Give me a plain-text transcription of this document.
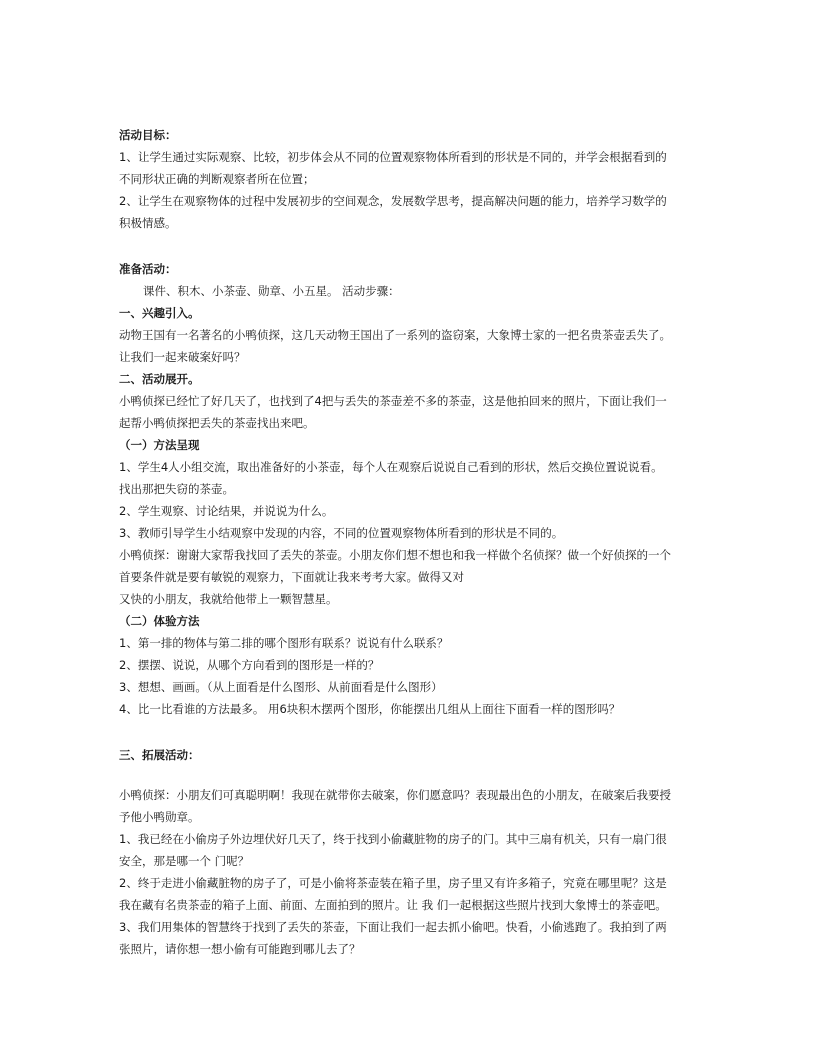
活动目标：

1、让学生通过实际观察、比较，初步体会从不同的位置观察物体所看到的形状是不同的，并学会根据看到的

不同形状正确的判断观察者所在位置；

2、让学生在观察物体的过程中发展初步的空间观念，发展数学思考，提高解决问题的能力，培养学习数学的

积极情感。

准备活动：

课件、积木、小茶壶、勋章、小五星。 活动步骤：

一、兴趣引入。

动物王国有一名著名的小鸭侦探，这几天动物王国出了一系列的盗窃案，大象博士家的一把名贵茶壶丢失了。

让我们一起来破案好吗？

二、活动展开。

小鸭侦探已经忙了好几天了，也找到了4把与丢失的茶壶差不多的茶壶，这是他拍回来的照片，下面让我们一

起帮小鸭侦探把丢失的茶壶找出来吧。

（一）方法呈现

1、学生4人小组交流，取出准备好的小茶壶，每个人在观察后说说自己看到的形状，然后交换位置说说看。

找出那把失窃的茶壶。

2、学生观察、讨论结果，并说说为什么。

3、教师引导学生小结观察中发现的内容，不同的位置观察物体所看到的形状是不同的。

小鸭侦探：谢谢大家帮我找回了丢失的茶壶。小朋友你们想不想也和我一样做个名侦探？做一个好侦探的一个

首要条件就是要有敏锐的观察力，下面就让我来考考大家。做得又对

又快的小朋友，我就给他带上一颗智慧星。

（二）体验方法

1、第一排的物体与第二排的哪个图形有联系？说说有什么联系？

2、摆摆、说说，从哪个方向看到的图形是一样的？

3、想想、画画。（从上面看是什么图形、从前面看是什么图形）

4、比一比看谁的方法最多。 用6块积木摆两个图形，你能摆出几组从上面往下面看一样的图形吗？

三、拓展活动：

小鸭侦探：小朋友们可真聪明啊！我现在就带你去破案，你们愿意吗？表现最出色的小朋友，在破案后我要授

予他小鸭勋章。

1、我已经在小偷房子外边埋伏好几天了，终于找到小偷藏脏物的房子的门。其中三扇有机关，只有一扇门很

安全，那是哪一个 门呢？

2、终于走进小偷藏脏物的房子了，可是小偷将茶壶装在箱子里，房子里又有许多箱子，究竟在哪里呢？这是

我在藏有名贵茶壶的箱子上面、前面、左面拍到的照片。让 我 们一起根据这些照片找到大象博士的茶壶吧。

3、我们用集体的智慧终于找到了丢失的茶壶，下面让我们一起去抓小偷吧。快看，小偷逃跑了。我拍到了两

张照片，请你想一想小偷有可能跑到哪儿去了？
